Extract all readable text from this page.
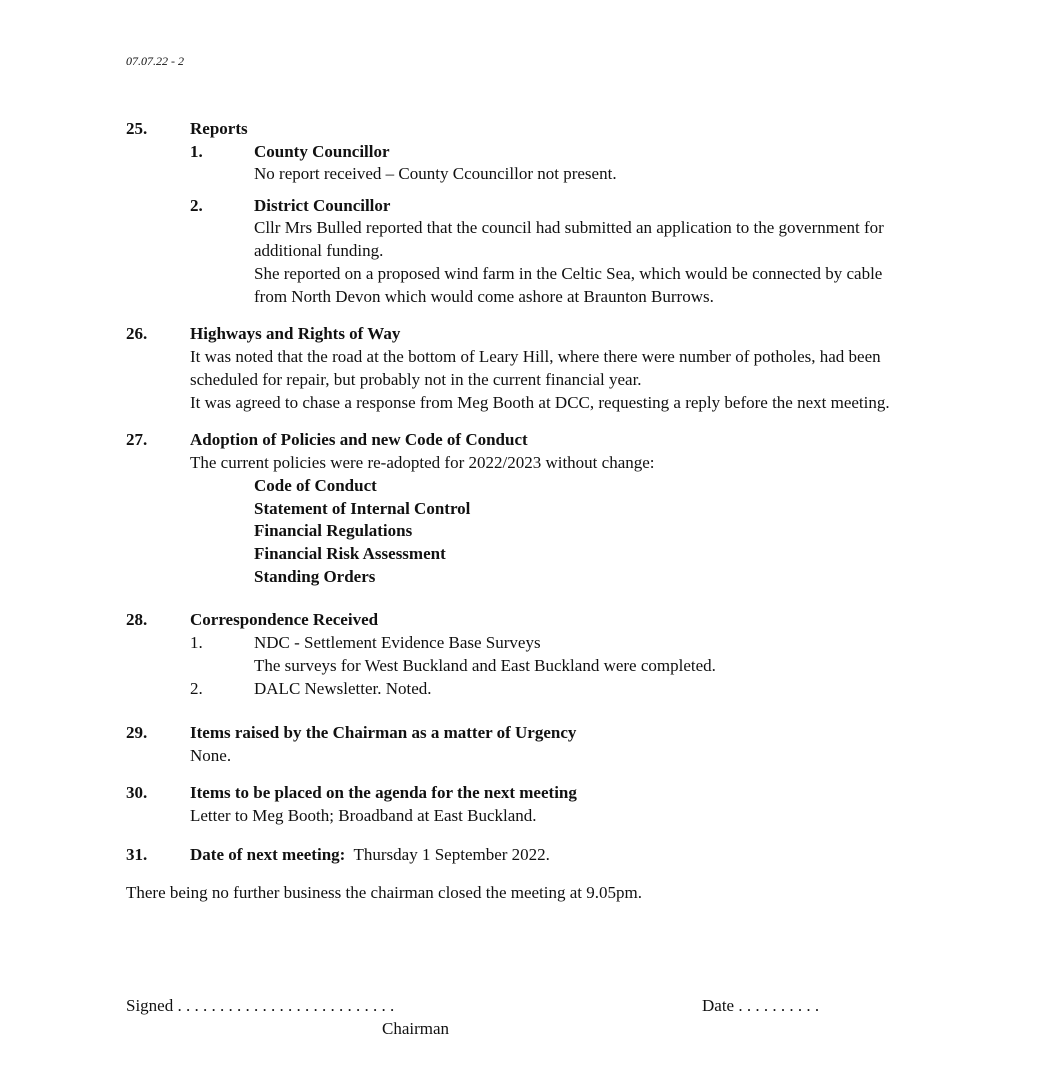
07.07.22 - 2
25.	Reports
1.	County Councillor
No report received – County Ccouncillor not present.
2.	District Councillor
Cllr Mrs Bulled reported that the council had submitted an application to the government for
additional funding.
She reported on a proposed wind farm in the Celtic Sea, which would be connected by cable
from North Devon which would come ashore at Braunton Burrows.
26.	Highways and Rights of Way
It was noted that the road at the bottom of Leary Hill, where there were number of potholes, had been
scheduled for repair, but probably not in the current financial year.
It was agreed to chase a response from Meg Booth at DCC, requesting a reply before the next meeting.
27.	Adoption of Policies and new Code of Conduct
The current policies were re-adopted for 2022/2023 without change:
Code of Conduct
Statement of Internal Control
Financial Regulations
Financial Risk Assessment
Standing Orders
28.	Correspondence Received
1.	NDC - Settlement Evidence Base Surveys
The surveys for West Buckland and East Buckland were completed.
2.	DALC Newsletter. Noted.
29.	Items raised by the Chairman as a matter of Urgency
None.
30.	Items to be placed on the agenda for the next meeting
Letter to Meg Booth; Broadband at East Buckland.
31.	Date of next meeting: Thursday 1 September 2022.
There being no further business the chairman closed the meeting at 9.05pm.
Signed . . . . . . . . . . . . . . . . . . . . . . . . . .
Chairman
Date . . . . . . . . . .
